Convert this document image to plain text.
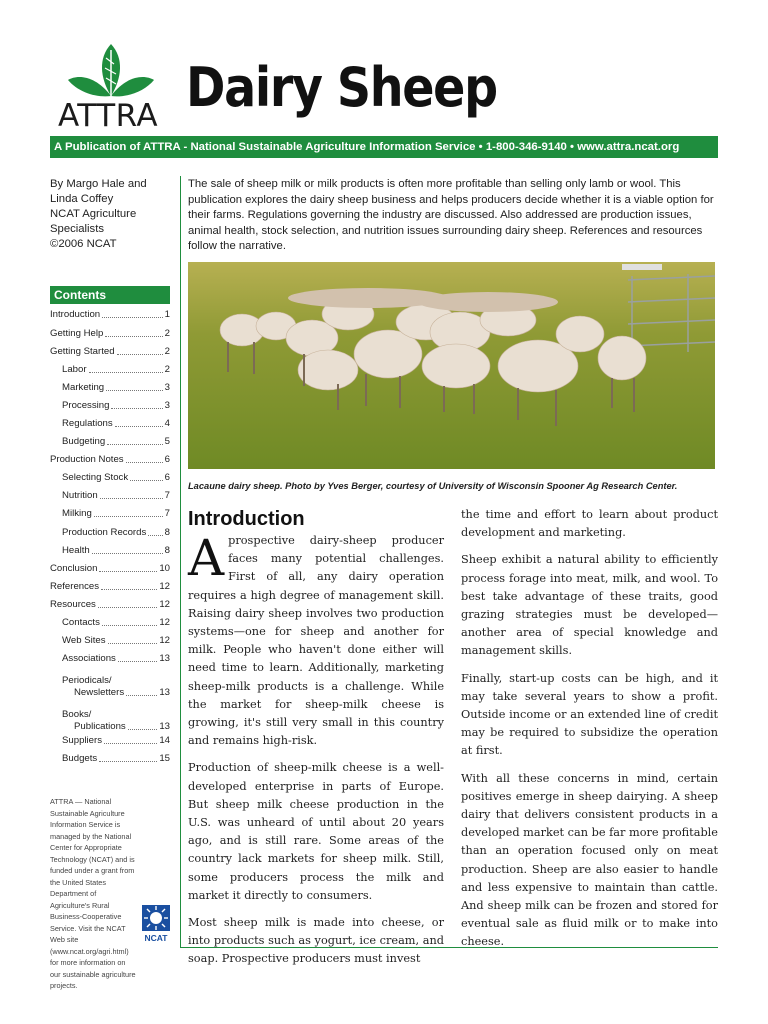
ATTRA Dairy Sheep
A Publication of ATTRA - National Sustainable Agriculture Information Service • 1-800-346-9140 • www.attra.ncat.org
By Margo Hale and
Linda Coffey
NCAT Agriculture
Specialists
©2006 NCAT
Contents
Introduction	1
Getting Help	2
Getting Started	2
Labor	2
Marketing	3
Processing	3
Regulations	4
Budgeting	5
Production Notes	6
Selecting Stock	6
Nutrition	7
Milking	7
Production Records 8
Health	8
Conclusion	10
References	12
Resources	12
Contacts	12
Web Sites	12
Associations	13
Periodicals/
Newsletters	13
Books/
Publications	13
Suppliers	14
Budgets	15
ATTRA — National Sustainable Agriculture Information Service is managed by the National Center for Appropriate Technology (NCAT) and is funded under a grant from the United States Department of Agriculture's Rural Business-Cooperative Service. Visit the NCAT Web site (www.ncat.org/agri.html) for more information on our sustainable agriculture projects.
NCAT
The sale of sheep milk or milk products is often more profitable than selling only lamb or wool. This publication explores the dairy sheep business and helps producers decide whether it is a viable option for their farms. Regulations governing the industry are discussed. Also addressed are production issues, animal health, stock selection, and nutrition issues surrounding dairy sheep. References and resources follow the narrative.
Lacaune dairy sheep. Photo by Yves Berger, courtesy of University of Wisconsin Spooner Ag Research Center.
Introduction

Aprospective dairy-sheep producer faces many potential challenges. First of all, any dairy operation requires a high degree of management skill. Raising dairy sheep involves two production systems—one for sheep and another for milk. People who haven't done either will need time to learn. Additionally, marketing sheep-milk products is a challenge. While the market for sheep-milk cheese is growing, it's still very small in this country and remains high-risk.

Production of sheep-milk cheese is a well-developed enterprise in parts of Europe. But sheep milk cheese production in the U.S. was unheard of until about 20 years ago, and is still rare. Some areas of the country lack markets for sheep milk. Still, some producers process the milk and market it directly to consumers.

Most sheep milk is made into cheese, or into products such as yogurt, ice cream, and soap. Prospective producers must invest

the time and effort to learn about product development and marketing.

Sheep exhibit a natural ability to efficiently process forage into meat, milk, and wool. To best take advantage of these traits, good grazing strategies must be developed—another area of special knowledge and management skills.

Finally, start-up costs can be high, and it may take several years to show a profit. Outside income or an extended line of credit may be required to subsidize the operation at first.

With all these concerns in mind, certain positives emerge in sheep dairying. A sheep dairy that delivers consistent products in a developed market can be far more profitable than an operation focused only on meat production. Sheep are also easier to handle and less expensive to maintain than cattle. And sheep milk can be frozen and stored for eventual sale as fluid milk or to make into cheese.
